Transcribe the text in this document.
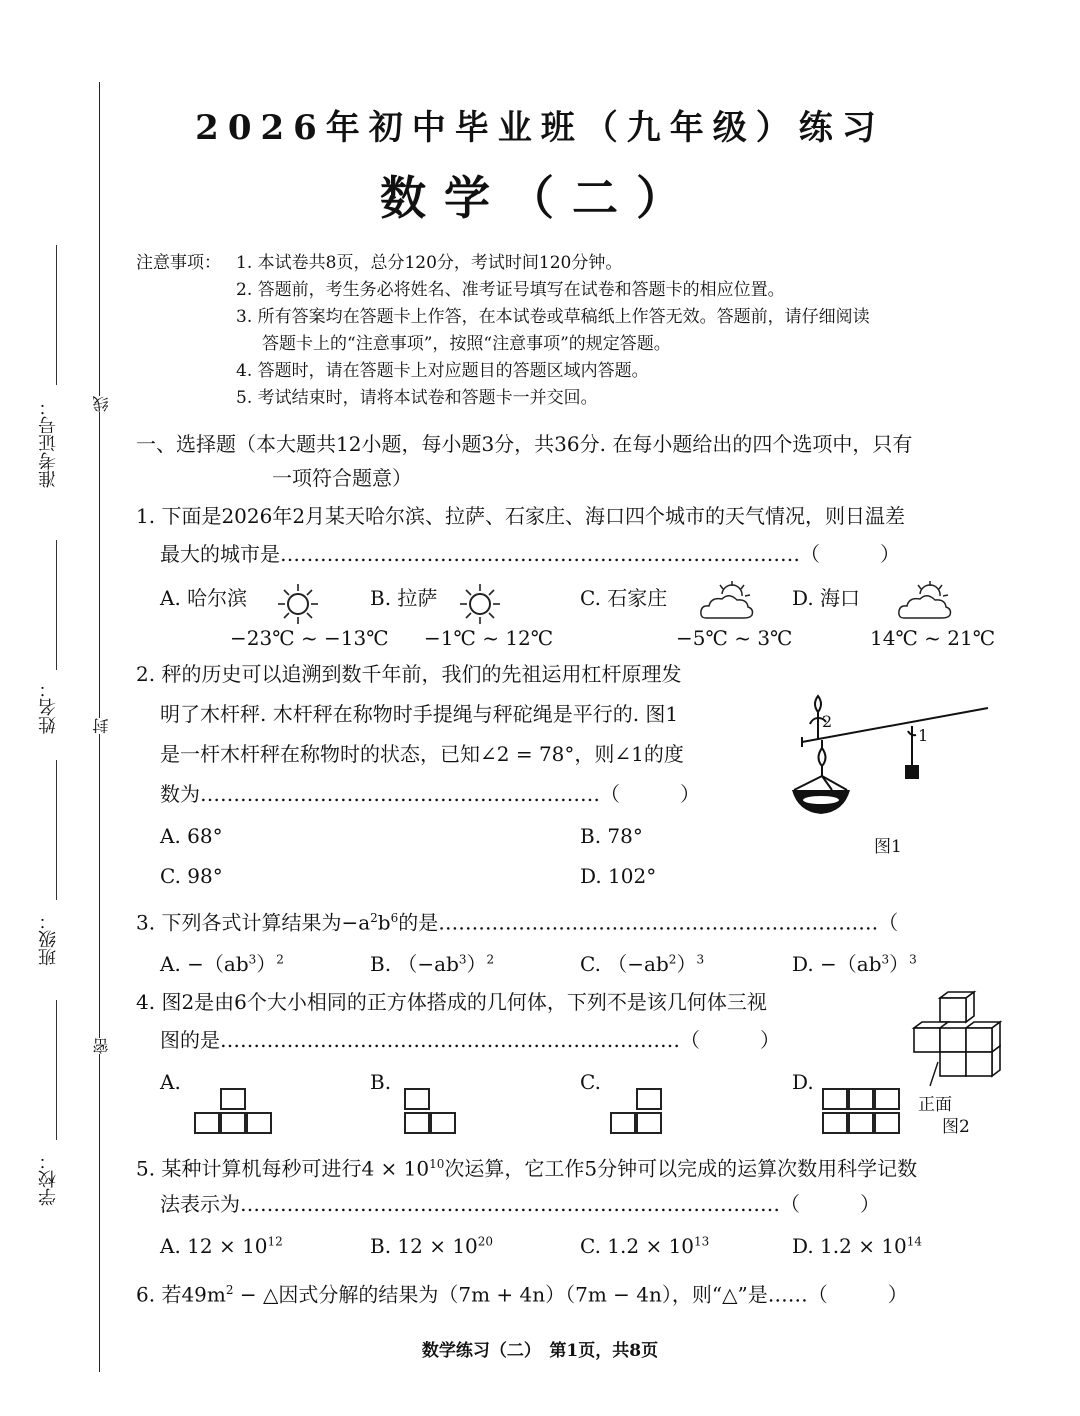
准考证号：
姓名：
班级：
学校：
线
封
密
2026年初中毕业班（九年级）练习
数学（二）
注意事项： 1. 本试卷共8页，总分120分，考试时间120分钟。
2. 答题前，考生务必将姓名、准考证号填写在试卷和答题卡的相应位置。
3. 所有答案均在答题卡上作答，在本试卷或草稿纸上作答无效。答题前，请仔细阅读
答题卡上的“注意事项”，按照“注意事项”的规定答题。
4. 答题时，请在答题卡上对应题目的答题区域内答题。
5. 考试结束时，请将本试卷和答题卡一并交回。
一、选择题（本大题共12小题，每小题3分，共36分. 在每小题给出的四个选项中，只有
一项符合题意）
1. 下面是2026年2月某天哈尔滨、拉萨、石家庄、海口四个城市的天气情况，则日温差
最大的城市是……………………………………………………………………（　　　）
A. 哈尔滨
−23℃ ~ −13℃
B. 拉萨
−1℃ ~ 12℃
C. 石家庄
−5℃ ~ 3℃
D. 海口
14℃ ~ 21℃
2. 秤的历史可以追溯到数千年前，我们的先祖运用杠杆原理发
明了木杆秤. 木杆秤在称物时手提绳与秤砣绳是平行的. 图1
是一杆木杆秤在称物时的状态，已知∠2 = 78°，则∠1的度
数为……………………………………………………（　　　）
A. 68°	B. 78°
C. 98°	D. 102°
2
1
图1
3. 下列各式计算结果为$-a^2b^6$的是…………………………………………………………（
A. $-(ab^3)^2$	B. $(-ab^3)^2$	C. $(-ab^2)^3$	D. $-(ab^3)^3$
4. 图2是由6个大小相同的正方体搭成的几何体，下列不是该几何体三视
图的是……………………………………………………………（　　　）
A.	B.	C.	D.
正面
图2
5. 某种计算机每秒可进行$4 \times 10^{10}$次运算，它工作5分钟可以完成的运算次数用科学记数
法表示为………………………………………………………………………（　　　）
A. $12 \times 10^{12}$	B. $12 \times 10^{20}$	C. $1.2 \times 10^{13}$	D. $1.2 \times 10^{14}$
6. 若$49m^2$ − △因式分解的结果为（7m + 4n）（7m − 4n），则“△”是……（　　　）
数学练习（二）　第1页，共8页
